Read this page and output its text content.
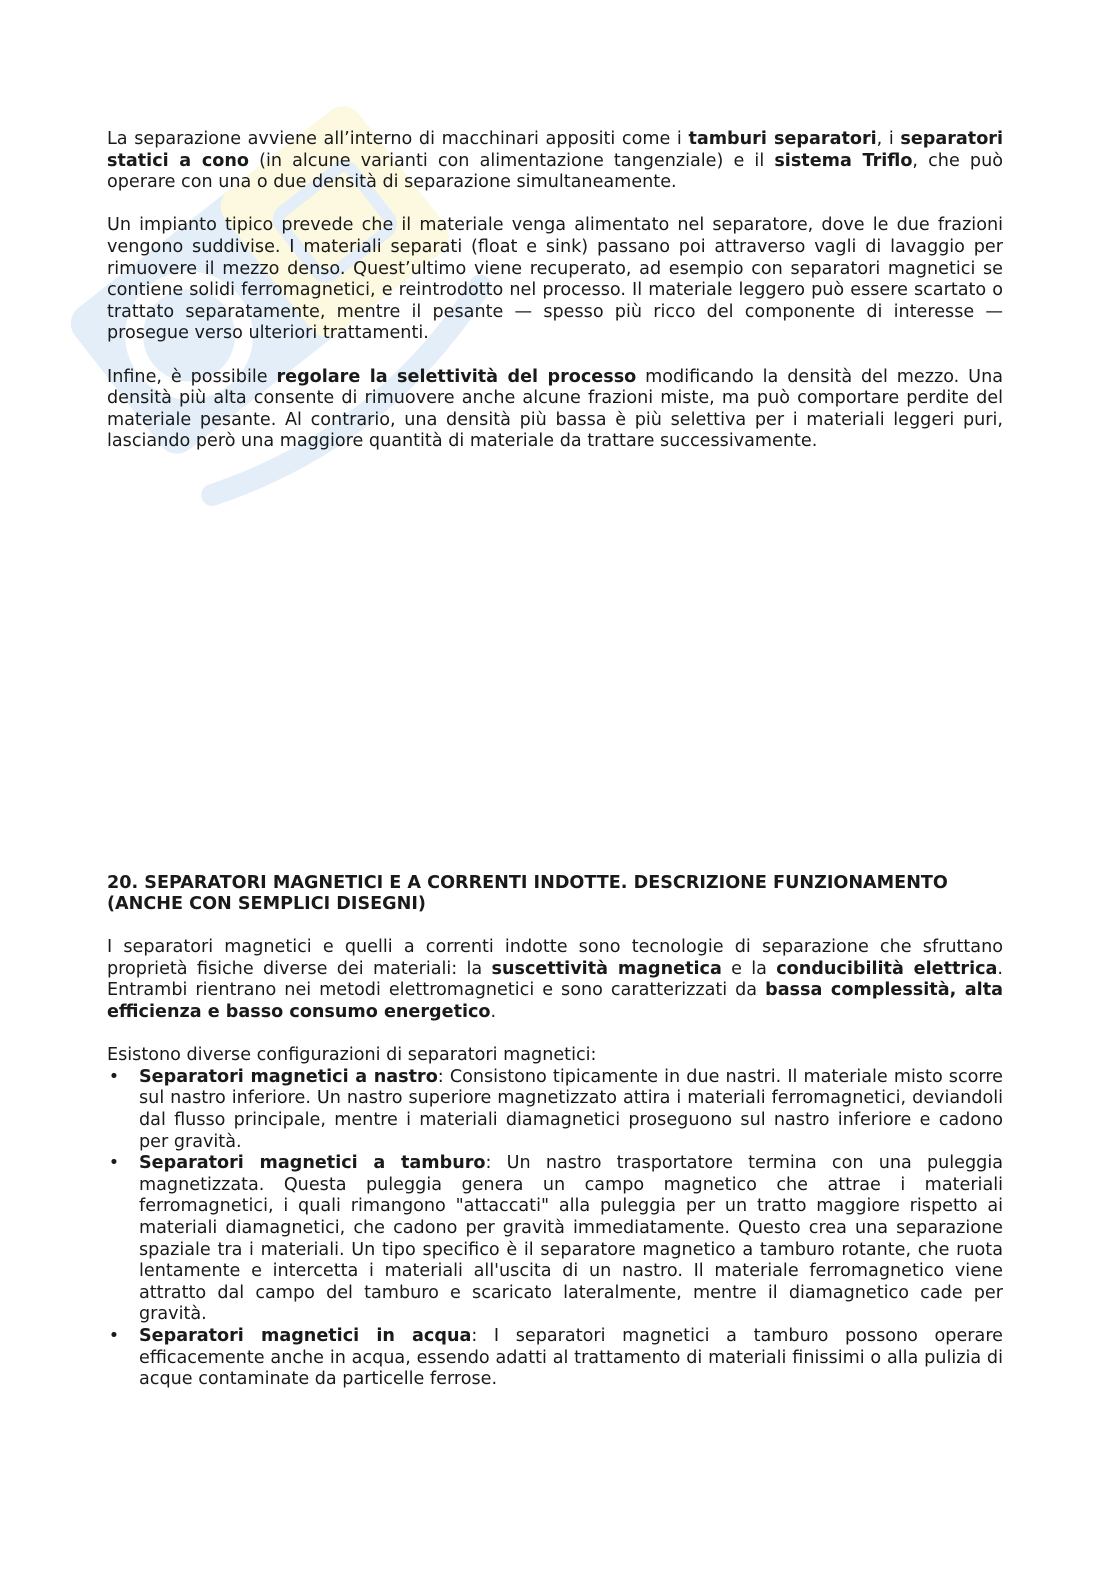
La separazione avviene all’interno di macchinari appositi come i tamburi separatori, i separatori statici a cono (in alcune varianti con alimentazione tangenziale) e il sistema Triflo, che può operare con una o due densità di separazione simultaneamente.

Un impianto tipico prevede che il materiale venga alimentato nel separatore, dove le due frazioni vengono suddivise. I materiali separati (float e sink) passano poi attraverso vagli di lavaggio per rimuovere il mezzo denso. Quest’ultimo viene recuperato, ad esempio con separatori magnetici se contiene solidi ferromagnetici, e reintrodotto nel processo. Il materiale leggero può essere scartato o trattato separatamente, mentre il pesante — spesso più ricco del componente di interesse — prosegue verso ulteriori trattamenti.

Infine, è possibile regolare la selettività del processo modificando la densità del mezzo. Una densità più alta consente di rimuovere anche alcune frazioni miste, ma può comportare perdite del materiale pesante. Al contrario, una densità più bassa è più selettiva per i materiali leggeri puri, lasciando però una maggiore quantità di materiale da trattare successivamente.

20. SEPARATORI MAGNETICI E A CORRENTI INDOTTE. DESCRIZIONE FUNZIONAMENTO (ANCHE CON SEMPLICI DISEGNI)

I separatori magnetici e quelli a correnti indotte sono tecnologie di separazione che sfruttano proprietà fisiche diverse dei materiali: la suscettività magnetica e la conducibilità elettrica. Entrambi rientrano nei metodi elettromagnetici e sono caratterizzati da bassa complessità, alta efficienza e basso consumo energetico.

Esistono diverse configurazioni di separatori magnetici:

• Separatori magnetici a nastro: Consistono tipicamente in due nastri. Il materiale misto scorre sul nastro inferiore. Un nastro superiore magnetizzato attira i materiali ferromagnetici, deviandoli dal flusso principale, mentre i materiali diamagnetici proseguono sul nastro inferiore e cadono per gravità.
• Separatori magnetici a tamburo: Un nastro trasportatore termina con una puleggia magnetizzata. Questa puleggia genera un campo magnetico che attrae i materiali ferromagnetici, i quali rimangono "attaccati" alla puleggia per un tratto maggiore rispetto ai materiali diamagnetici, che cadono per gravità immediatamente. Questo crea una separazione spaziale tra i materiali. Un tipo specifico è il separatore magnetico a tamburo rotante, che ruota lentamente e intercetta i materiali all'uscita di un nastro. Il materiale ferromagnetico viene attratto dal campo del tamburo e scaricato lateralmente, mentre il diamagnetico cade per gravità.
• Separatori magnetici in acqua: I separatori magnetici a tamburo possono operare efficacemente anche in acqua, essendo adatti al trattamento di materiali finissimi o alla pulizia di acque contaminate da particelle ferrose.
